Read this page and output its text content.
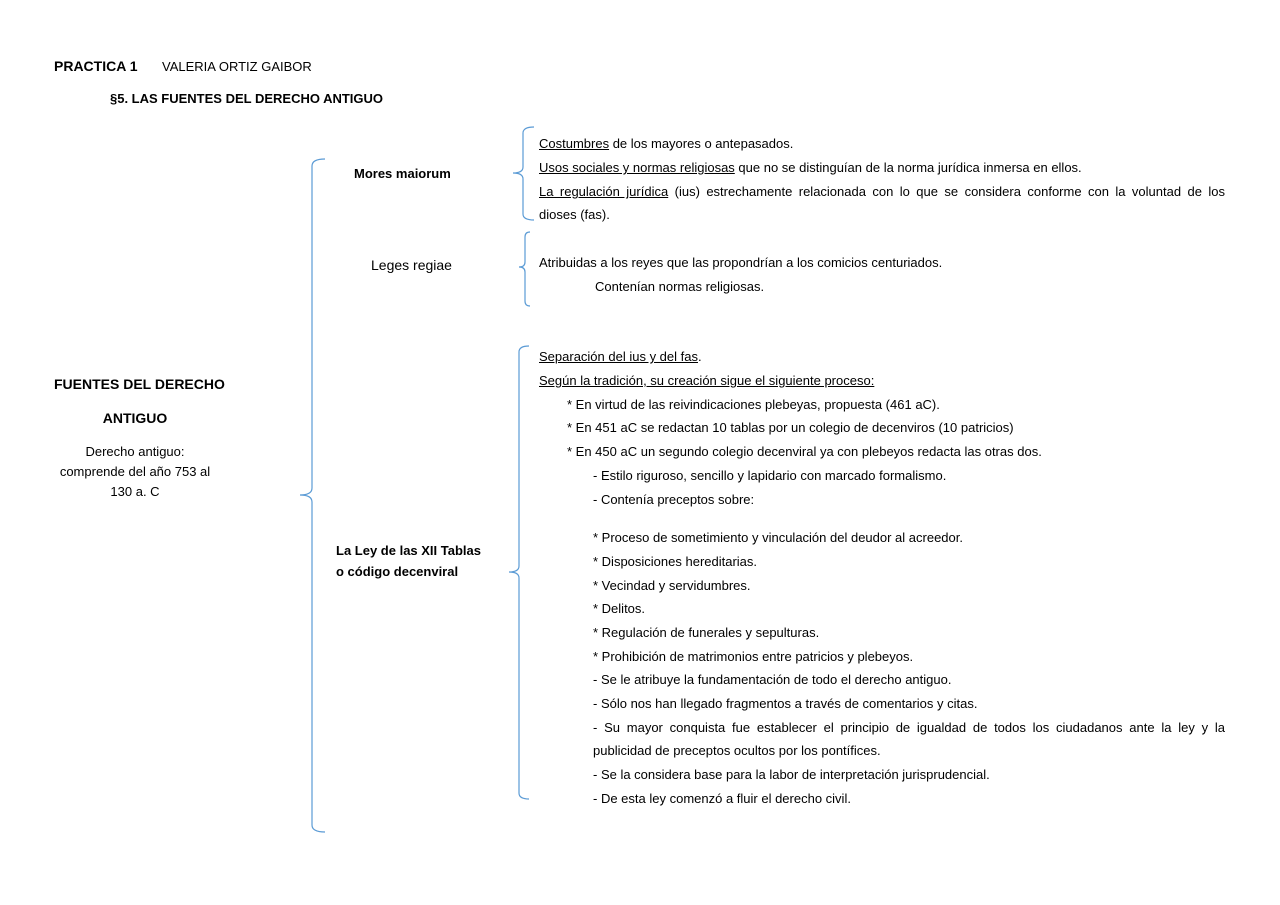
PRACTICA 1 VALERIA ORTIZ GAIBOR
§5. LAS FUENTES DEL DERECHO ANTIGUO
FUENTES DEL DERECHO
ANTIGUO
Derecho antiguo:
comprende del año 753 al
130 a. C
Mores maiorum
Costumbres de los mayores o antepasados.
Usos sociales y normas religiosas que no se distinguían de la norma jurídica inmersa en ellos.
La regulación jurídica (ius) estrechamente relacionada con lo que se considera conforme con la voluntad de los
dioses (fas).
Leges regiae	Atribuidas a los reyes que las propondrían a los comicios centuriados.
Contenían normas religiosas.
La Ley de las XII Tablas
o código decenviral
Separación del ius y del fas.
Según la tradición, su creación sigue el siguiente proceso:
* En virtud de las reivindicaciones plebeyas, propuesta (461 aC).
* En 451 aC se redactan 10 tablas por un colegio de decenviros (10 patricios)
* En 450 aC un segundo colegio decenviral ya con plebeyos redacta las otras dos.
- Estilo riguroso, sencillo y lapidario con marcado formalismo.
- Contenía preceptos sobre:
* Proceso de sometimiento y vinculación del deudor al acreedor.
* Disposiciones hereditarias.
* Vecindad y servidumbres.
* Delitos.
* Regulación de funerales y sepulturas.
* Prohibición de matrimonios entre patricios y plebeyos.
- Se le atribuye la fundamentación de todo el derecho antiguo.
- Sólo nos han llegado fragmentos a través de comentarios y citas.
- Su mayor conquista fue establecer el principio de igualdad de todos los ciudadanos ante la ley y la
publicidad de preceptos ocultos por los pontífices.
- Se la considera base para la labor de interpretación jurisprudencial.
- De esta ley comenzó a fluir el derecho civil.
